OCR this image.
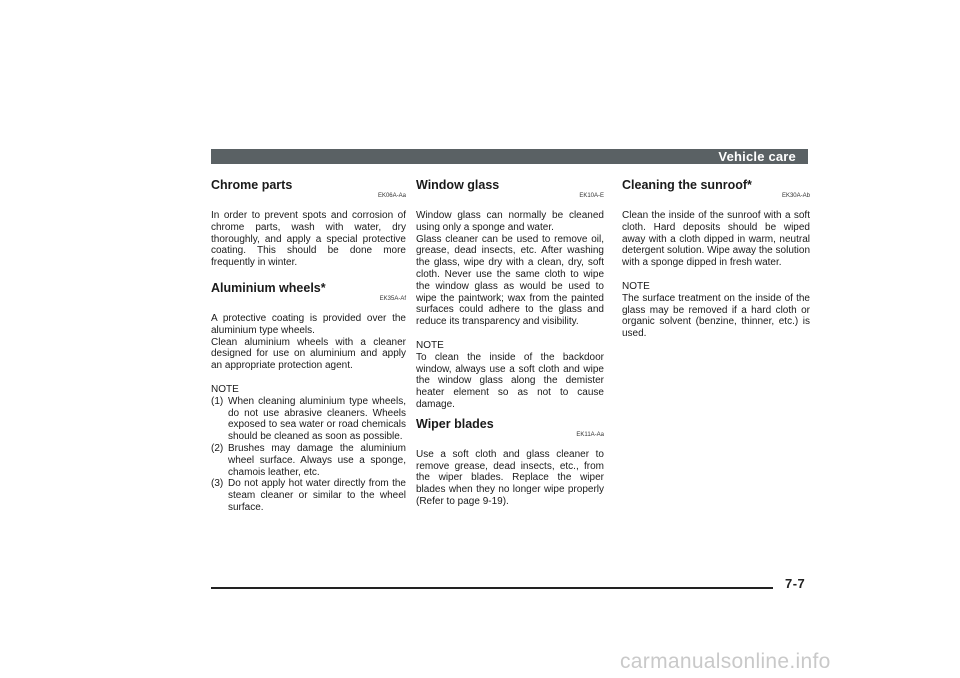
Vehicle care

Chrome parts

EK06A-Aa

In order to prevent spots and corrosion of chrome parts, wash with water, dry thoroughly, and apply a special protective coating. This should be done more frequently in winter.

Aluminium wheels*

EK35A-Af

A protective coating is provided over the aluminium type wheels.

Clean aluminium wheels with a cleaner designed for use on aluminium and apply an appropriate protection agent.

NOTE

(1) When cleaning aluminium type wheels, do not use abrasive cleaners. Wheels exposed to sea water or road chemicals should be cleaned as soon as possible.
(2) Brushes may damage the aluminium wheel surface. Always use a sponge, chamois leather, etc.
(3) Do not apply hot water directly from the steam cleaner or similar to the wheel surface.

Window glass

EK10A-E

Window glass can normally be cleaned using only a sponge and water.

Glass cleaner can be used to remove oil, grease, dead insects, etc. After washing the glass, wipe dry with a clean, dry, soft cloth. Never use the same cloth to wipe the window glass as would be used to wipe the paintwork; wax from the painted surfaces could adhere to the glass and reduce its transparency and visibility.

NOTE

To clean the inside of the backdoor window, always use a soft cloth and wipe the window glass along the demister heater element so as not to cause damage.

Wiper blades

EK11A-Aa

Use a soft cloth and glass cleaner to remove grease, dead insects, etc., from the wiper blades. Replace the wiper blades when they no longer wipe properly (Refer to page 9-19).

Cleaning the sunroof*

EK30A-Ab

Clean the inside of the sunroof with a soft cloth. Hard deposits should be wiped away with a cloth dipped in warm, neutral detergent solution. Wipe away the solution with a sponge dipped in fresh water.

NOTE

The surface treatment on the inside of the glass may be removed if a hard cloth or organic solvent (benzine, thinner, etc.) is used.

7-7
carmanualsonline.info
